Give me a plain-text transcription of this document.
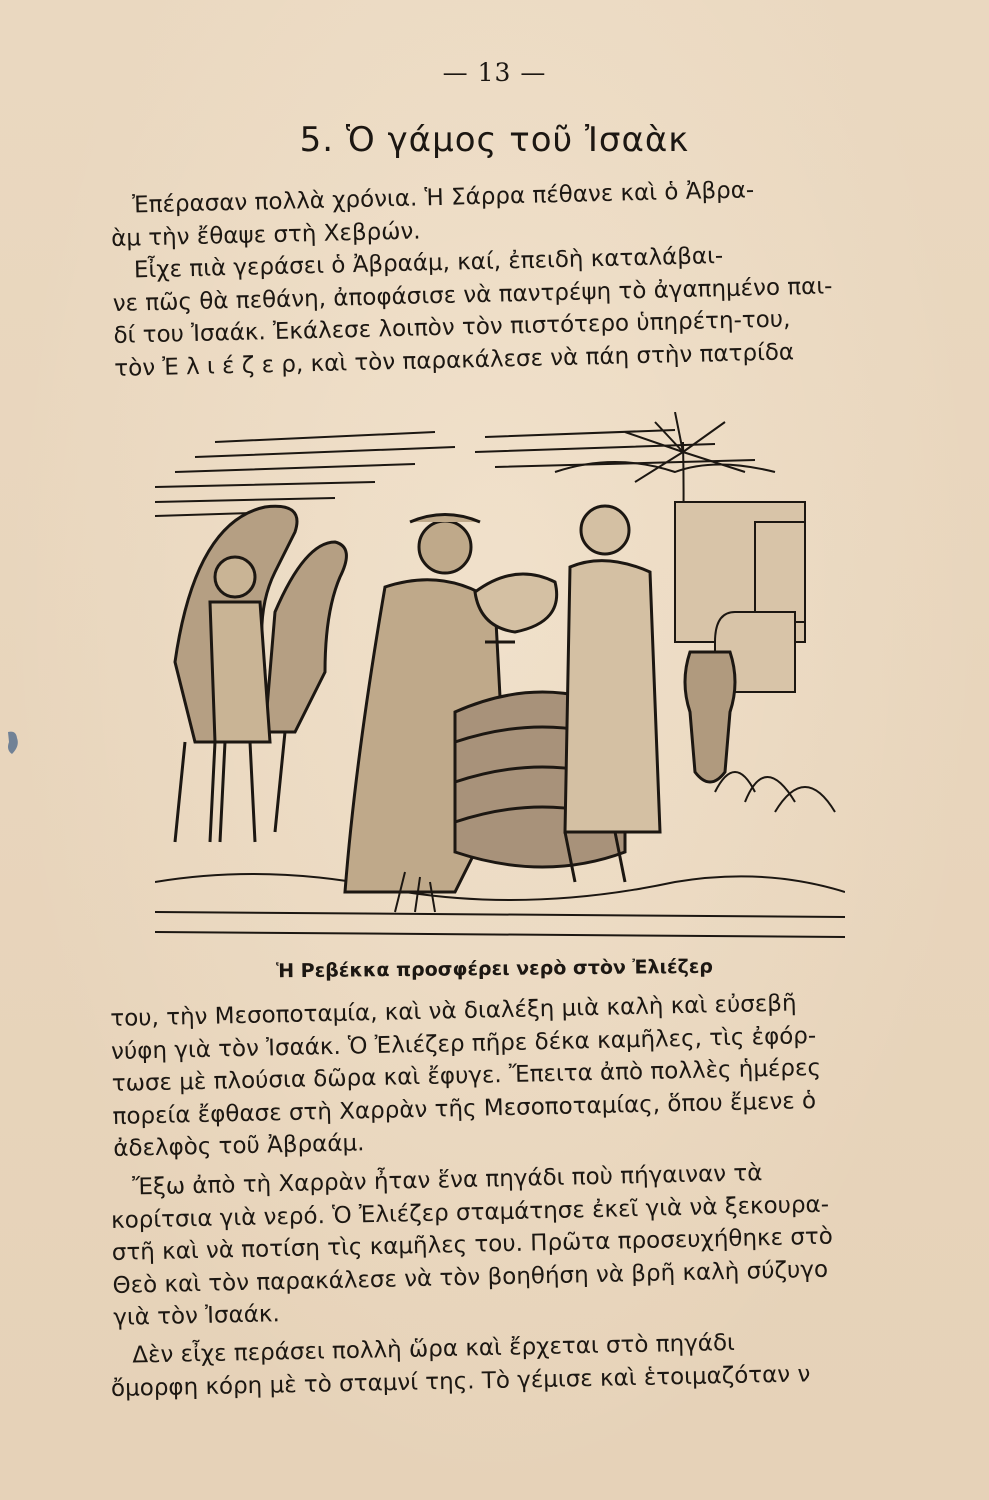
— 13 —
5. Ὁ γάμος τοῦ Ἰσαὰκ
Ἐπέρασαν πολλὰ χρόνια. Ἡ Σάρρα πέθανε καὶ ὁ Ἀβρα-
ὰμ τὴν ἔθαψε στὴ Χεβρών.
Εἶχε πιὰ γεράσει ὁ Ἀβραάμ, καί, ἐπειδὴ καταλάβαι-
νε πῶς θὰ πεθάνη, ἀποφάσισε νὰ παντρέψη τὸ ἀγαπημένο παι-
δί του Ἰσαάκ. Ἐκάλεσε λοιπὸν τὸν πιστότερο ὑπηρέτη-του,
τὸν Ἐ λ ι έ ζ ε ρ, καὶ τὸν παρακάλεσε νὰ πάη στὴν πατρίδα
Ἡ Ρεβέκκα προσφέρει νερὸ στὸν Ἐλιέζερ
του, τὴν Μεσοποταμία, καὶ νὰ διαλέξη μιὰ καλὴ καὶ εὐσεβῆ
νύφη γιὰ τὸν Ἰσαάκ. Ὁ Ἐλιέζερ πῆρε δέκα καμῆλες, τὶς ἐφόρ-
τωσε μὲ πλούσια δῶρα καὶ ἔφυγε. Ἔπειτα ἀπὸ πολλὲς ἡμέρες
πορεία ἔφθασε στὴ Χαρρὰν τῆς Μεσοποταμίας, ὅπου ἔμενε ὁ
ἀδελφὸς τοῦ Ἀβραάμ.
Ἔξω ἀπὸ τὴ Χαρρὰν ἦταν ἕνα πηγάδι ποὺ πήγαιναν τὰ
κορίτσια γιὰ νερό. Ὁ Ἐλιέζερ σταμάτησε ἐκεῖ γιὰ νὰ ξεκουρα-
στῆ καὶ νὰ ποτίση τὶς καμῆλες του. Πρῶτα προσευχήθηκε στὸ
Θεὸ καὶ τὸν παρακάλεσε νὰ τὸν βοηθήση νὰ βρῆ καλὴ σύζυγο
γιὰ τὸν Ἰσαάκ.
Δὲν εἶχε περάσει πολλὴ ὥρα καὶ ἔρχεται στὸ πηγάδι
ὄμορφη κόρη μὲ τὸ σταμνί της. Τὸ γέμισε καὶ ἑτοιμαζόταν ν
